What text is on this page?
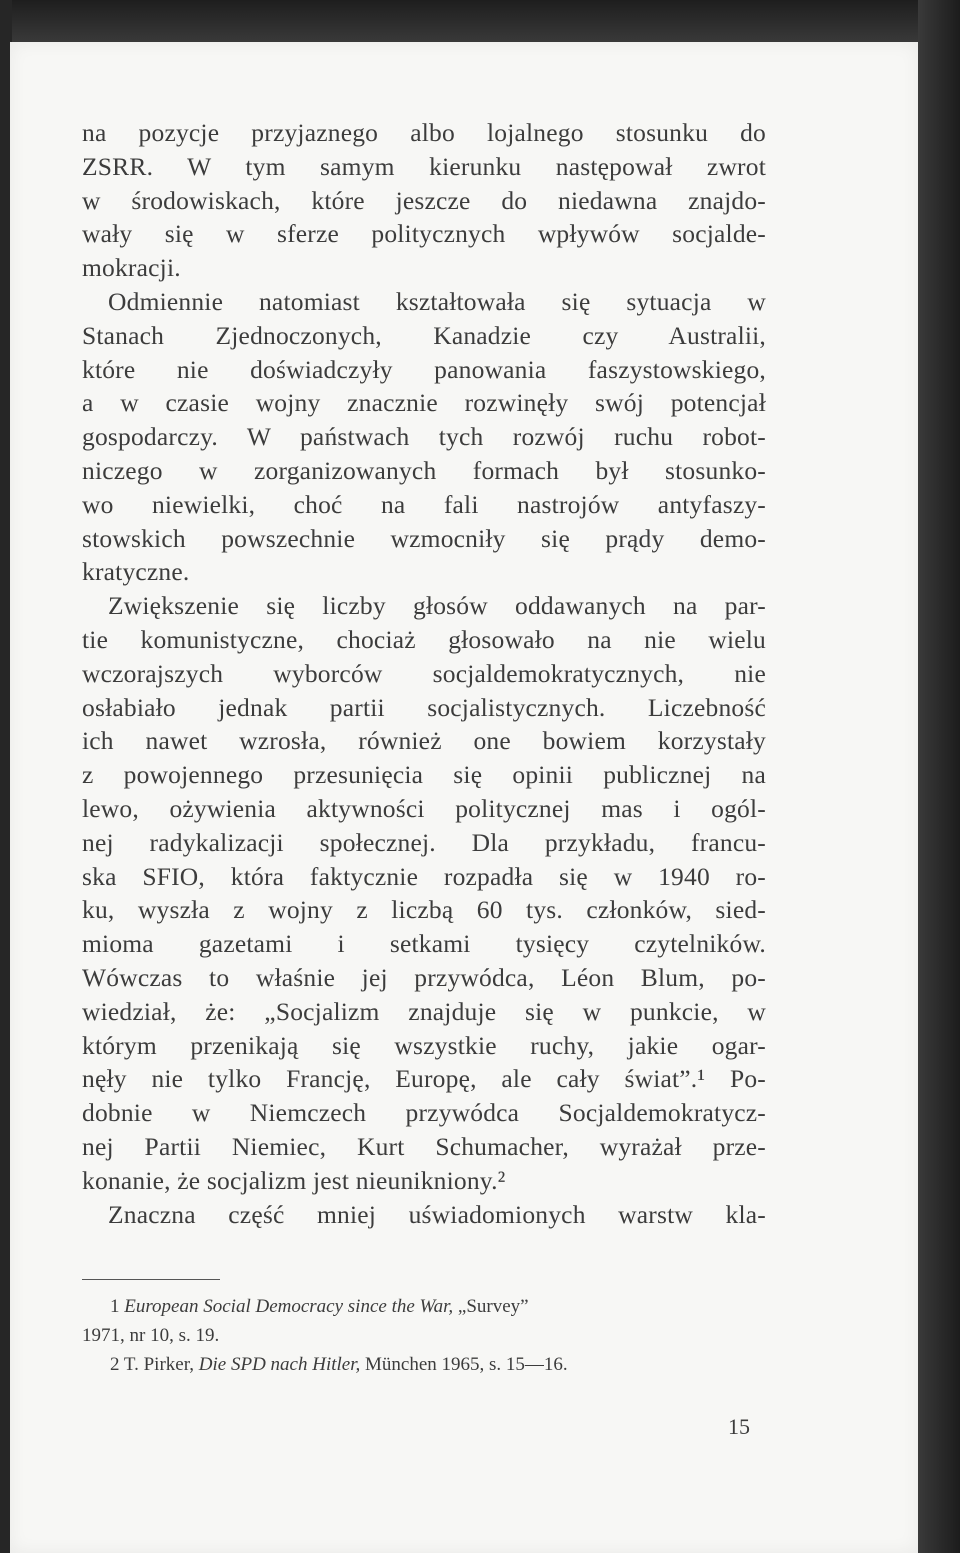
na pozycje przyjaznego albo lojalnego stosunku do
ZSRR. W tym samym kierunku następował zwrot
w środowiskach, które jeszcze do niedawna znajdo-
wały się w sferze politycznych wpływów socjalde-
mokracji.
Odmiennie natomiast kształtowała się sytuacja w
Stanach Zjednoczonych, Kanadzie czy Australii,
które nie doświadczyły panowania faszystowskiego,
a w czasie wojny znacznie rozwinęły swój potencjał
gospodarczy. W państwach tych rozwój ruchu robot-
niczego w zorganizowanych formach był stosunko-
wo niewielki, choć na fali nastrojów antyfaszy-
stowskich powszechnie wzmocniły się prądy demo-
kratyczne.
Zwiększenie się liczby głosów oddawanych na par-
tie komunistyczne, chociaż głosowało na nie wielu
wczorajszych wyborców socjaldemokratycznych, nie
osłabiało jednak partii socjalistycznych. Liczebność
ich nawet wzrosła, również one bowiem korzystały
z powojennego przesunięcia się opinii publicznej na
lewo, ożywienia aktywności politycznej mas i ogól-
nej radykalizacji społecznej. Dla przykładu, francu-
ska SFIO, która faktycznie rozpadła się w 1940 ro-
ku, wyszła z wojny z liczbą 60 tys. członków, sied-
mioma gazetami i setkami tysięcy czytelników.
Wówczas to właśnie jej przywódca, Léon Blum, po-
wiedział, że: „Socjalizm znajduje się w punkcie, w
którym przenikają się wszystkie ruchy, jakie ogar-
nęły nie tylko Francję, Europę, ale cały świat”.¹ Po-
dobnie w Niemczech przywódca Socjaldemokratycz-
nej Partii Niemiec, Kurt Schumacher, wyrażał prze-
konanie, że socjalizm jest nieunikniony.²
Znaczna część mniej uświadomionych warstw kla-
1 European Social Democracy since the War, „Survey”
1971, nr 10, s. 19.
2 T. Pirker, Die SPD nach Hitler, München 1965, s. 15—16.
15
